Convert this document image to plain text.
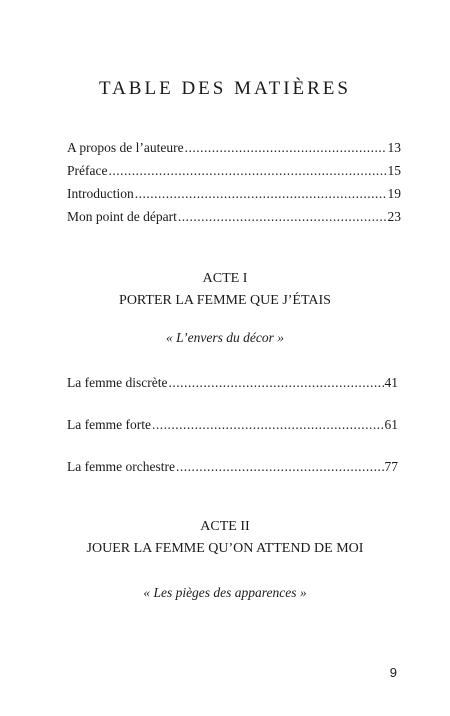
TABLE DES MATIÈRES
A propos de l’auteure .....	13
Préface .....	15
Introduction .....	19
Mon point de départ .....	23
ACTE I
PORTER LA FEMME QUE J’ÉTAIS
« L’envers du décor »
La femme discrète .....	41
La femme forte .....	61
La femme orchestre .....	77
ACTE II
JOUER LA FEMME QU’ON ATTEND DE MOI
« Les pièges des apparences »
9
